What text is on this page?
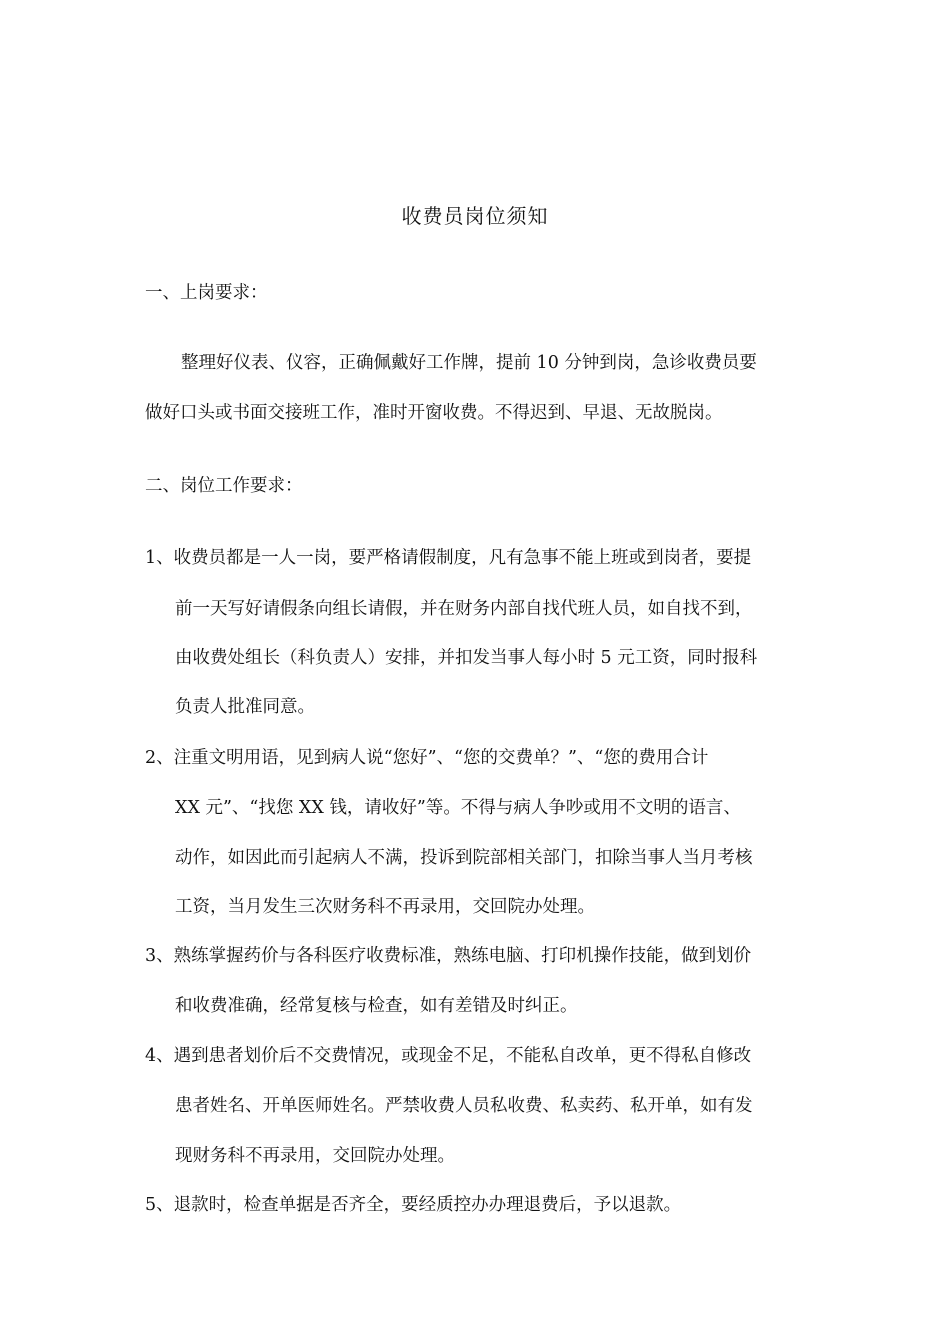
收费员岗位须知
一、上岗要求：
整理好仪表、仪容，正确佩戴好工作牌，提前 10 分钟到岗，急诊收费员要
做好口头或书面交接班工作，准时开窗收费。不得迟到、早退、无故脱岗。
二、岗位工作要求：
1、收费员都是一人一岗，要严格请假制度，凡有急事不能上班或到岗者，要提
前一天写好请假条向组长请假，并在财务内部自找代班人员，如自找不到，
由收费处组长（科负责人）安排，并扣发当事人每小时 5 元工资，同时报科
负责人批准同意。
2、注重文明用语，见到病人说“您好”、“您的交费单？”、“您的费用合计
XX 元”、“找您 XX 钱，请收好”等。不得与病人争吵或用不文明的语言、
动作，如因此而引起病人不满，投诉到院部相关部门，扣除当事人当月考核
工资，当月发生三次财务科不再录用，交回院办处理。
3、熟练掌握药价与各科医疗收费标准，熟练电脑、打印机操作技能，做到划价
和收费准确，经常复核与检查，如有差错及时纠正。
4、遇到患者划价后不交费情况，或现金不足，不能私自改单，更不得私自修改
患者姓名、开单医师姓名。严禁收费人员私收费、私卖药、私开单，如有发
现财务科不再录用，交回院办处理。
5、退款时，检查单据是否齐全，要经质控办办理退费后，予以退款。
